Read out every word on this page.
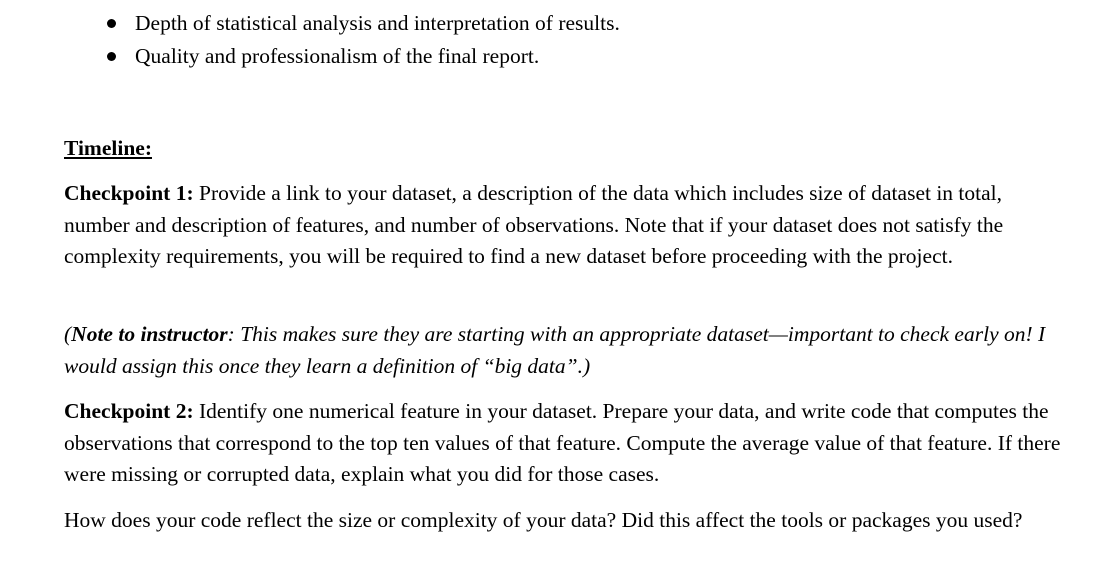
Depth of statistical analysis and interpretation of results.
Quality and professionalism of the final report.
Timeline:

Checkpoint 1: Provide a link to your dataset, a description of the data which includes size of dataset in total, number and description of features, and number of observations. Note that if your dataset does not satisfy the complexity requirements, you will be required to find a new dataset before proceeding with the project.

(Note to instructor: This makes sure they are starting with an appropriate dataset—important to check early on! I would assign this once they learn a definition of “big data”.)

Checkpoint 2: Identify one numerical feature in your dataset. Prepare your data, and write code that computes the observations that correspond to the top ten values of that feature. Compute the average value of that feature. If there were missing or corrupted data, explain what you did for those cases.

How does your code reflect the size or complexity of your data? Did this affect the tools or packages you used?
